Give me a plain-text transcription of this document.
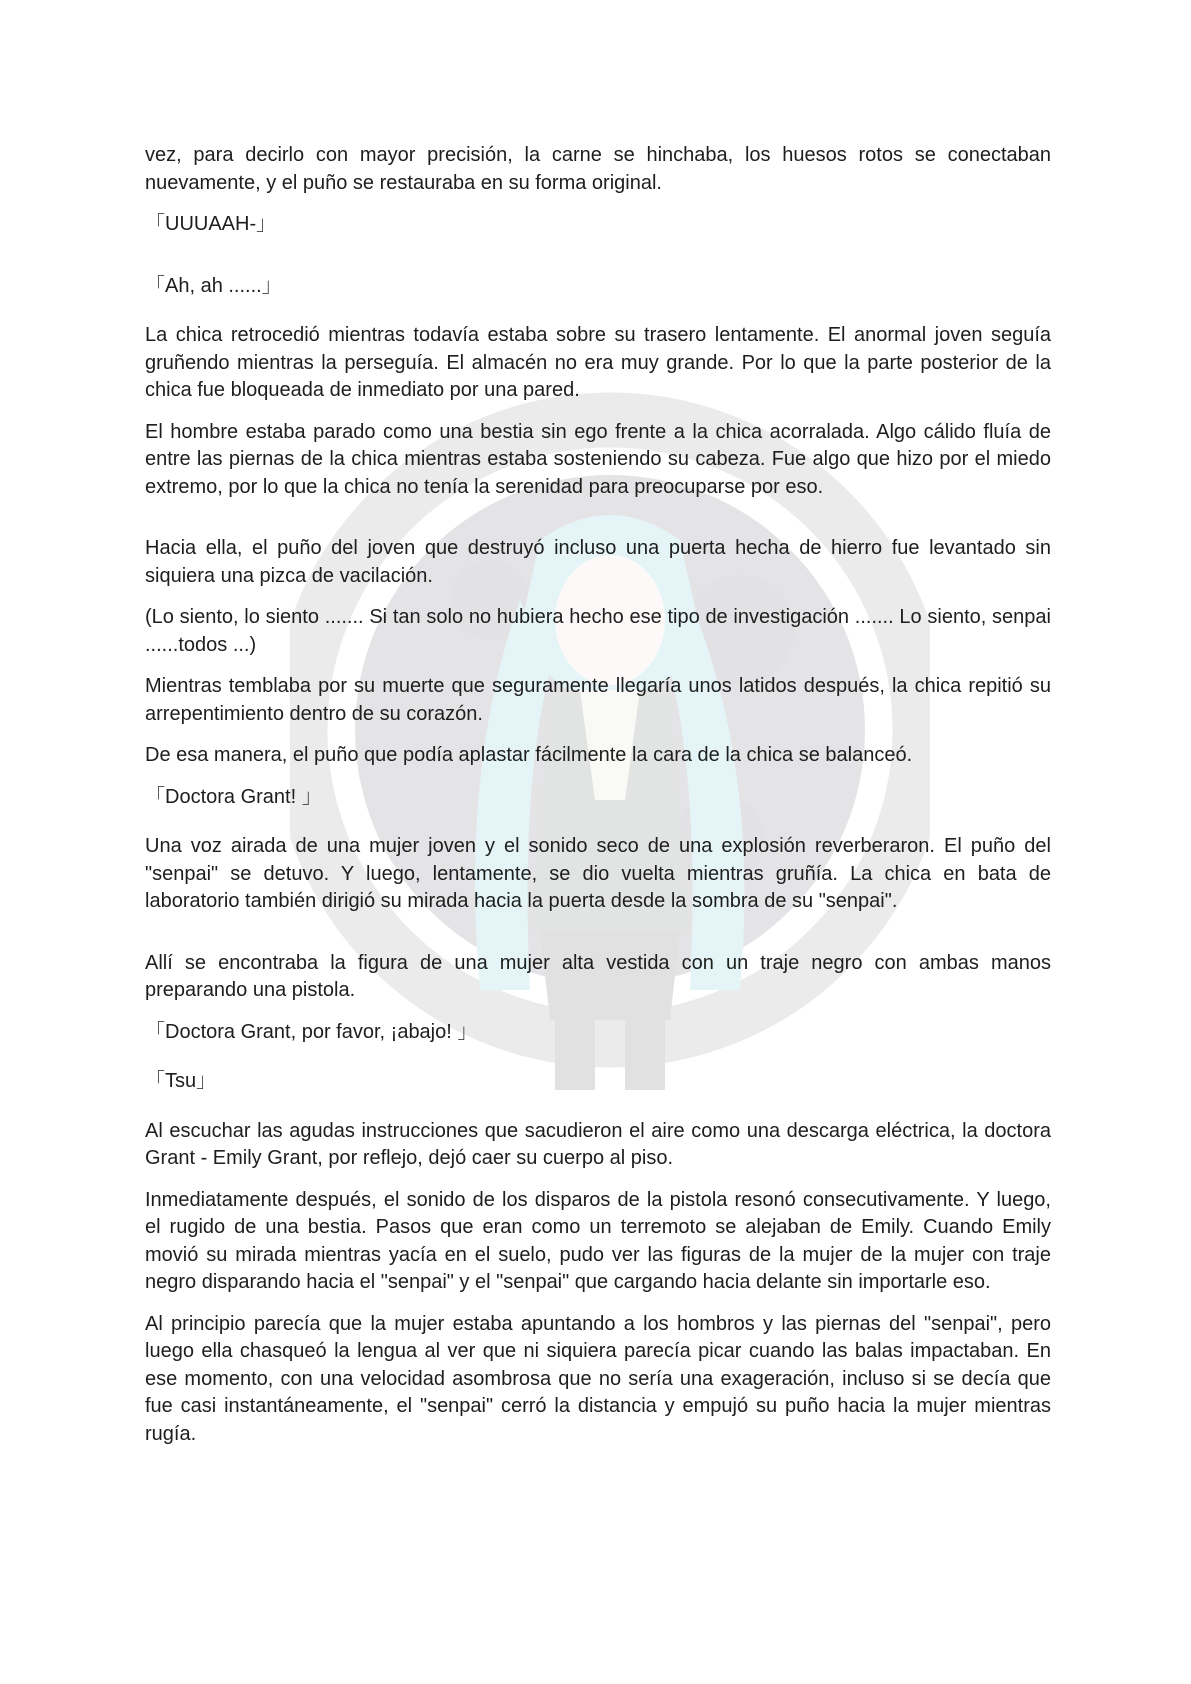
vez, para decirlo con mayor precisión, la carne se hinchaba, los huesos rotos se conectaban nuevamente, y el puño se restauraba en su forma original.

「UUUAAH-」

「Ah, ah ......」

La chica retrocedió mientras todavía estaba sobre su trasero lentamente. El anormal joven seguía gruñendo mientras la perseguía. El almacén no era muy grande. Por lo que la parte posterior de la chica fue bloqueada de inmediato por una pared.

El hombre estaba parado como una bestia sin ego frente a la chica acorralada. Algo cálido fluía de entre las piernas de la chica mientras estaba sosteniendo su cabeza. Fue algo que hizo por el miedo extremo, por lo que la chica no tenía la serenidad para preocuparse por eso.

Hacia ella, el puño del joven que destruyó incluso una puerta hecha de hierro fue levantado sin siquiera una pizca de vacilación.

(Lo siento, lo siento ....... Si tan solo no hubiera hecho ese tipo de investigación ....... Lo siento, senpai ......todos ...)

Mientras temblaba por su muerte que seguramente llegaría unos latidos después, la chica repitió su arrepentimiento dentro de su corazón.

De esa manera, el puño que podía aplastar fácilmente la cara de la chica se balanceó.

「Doctora Grant! 」

Una voz airada de una mujer joven y el sonido seco de una explosión reverberaron. El puño del "senpai" se detuvo. Y luego, lentamente, se dio vuelta mientras gruñía. La chica en bata de laboratorio también dirigió su mirada hacia la puerta desde la sombra de su "senpai".

Allí se encontraba la figura de una mujer alta vestida con un traje negro con ambas manos preparando una pistola.

「Doctora Grant, por favor, ¡abajo! 」

「Tsu」

Al escuchar las agudas instrucciones que sacudieron el aire como una descarga eléctrica, la doctora Grant - Emily Grant, por reflejo, dejó caer su cuerpo al piso.

Inmediatamente después, el sonido de los disparos de la pistola resonó consecutivamente. Y luego, el rugido de una bestia. Pasos que eran como un terremoto se alejaban de Emily. Cuando Emily movió su mirada mientras yacía en el suelo, pudo ver las figuras de la mujer de la mujer con traje negro disparando hacia el "senpai" y el "senpai" que cargando hacia delante sin importarle eso.

Al principio parecía que la mujer estaba apuntando a los hombros y las piernas del "senpai", pero luego ella chasqueó la lengua al ver que ni siquiera parecía picar cuando las balas impactaban. En ese momento, con una velocidad asombrosa que no sería una exageración, incluso si se decía que fue casi instantáneamente, el "senpai" cerró la distancia y empujó su puño hacia la mujer mientras rugía.
